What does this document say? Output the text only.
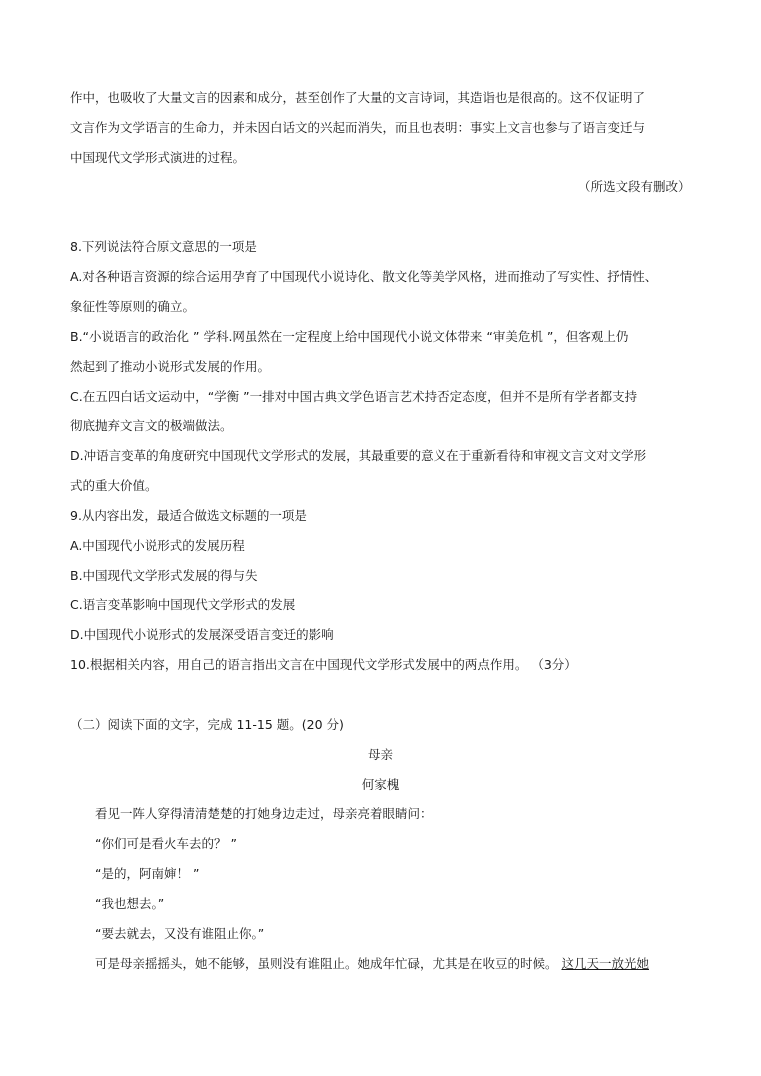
作中，也吸收了大量文言的因素和成分，甚至创作了大量的文言诗词，其造诣也是很高的。这不仅证明了
文言作为文学语言的生命力，并未因白话文的兴起而消失，而且也表明：事实上文言也参与了语言变迁与
中国现代文学形式演进的过程。
（所选文段有删改）
8.下列说法符合原文意思的一项是
A.对各种语言资源的综合运用孕育了中国现代小说诗化、散文化等美学风格，进而推动了写实性、抒情性、
象征性等原则的确立。
B.“小说语言的政治化 ” 学科.网虽然在一定程度上给中国现代小说文体带来 “审美危机 ”，但客观上仍
然起到了推动小说形式发展的作用。
C.在五四白话文运动中，“学衡 ”一排对中国古典文学色语言艺术持否定态度，但并不是所有学者都支持
彻底抛弃文言文的极端做法。
D.冲语言变革的角度研究中国现代文学形式的发展，其最重要的意义在于重新看待和审视文言文对文学形
式的重大价值。
9.从内容出发，最适合做选文标题的一项是
A.中国现代小说形式的发展历程
B.中国现代文学形式发展的得与失
C.语言变革影响中国现代文学形式的发展
D.中国现代小说形式的发展深受语言变迁的影响
10.根据相关内容，用自己的语言指出文言在中国现代文学形式发展中的两点作用。 （3分）
（二）阅读下面的文字，完成 11-15 题。(20 分)
母亲
何家槐
看见一阵人穿得清清楚楚的打她身边走过，母亲亮着眼睛问：
“你们可是看火车去的？ ”
“是的，阿南婶！ ”
“我也想去。”
“要去就去，又没有谁阻止你。”
可是母亲摇摇头，她不能够，虽则没有谁阻止。她成年忙碌，尤其是在收豆的时候。 这几天一放光她
